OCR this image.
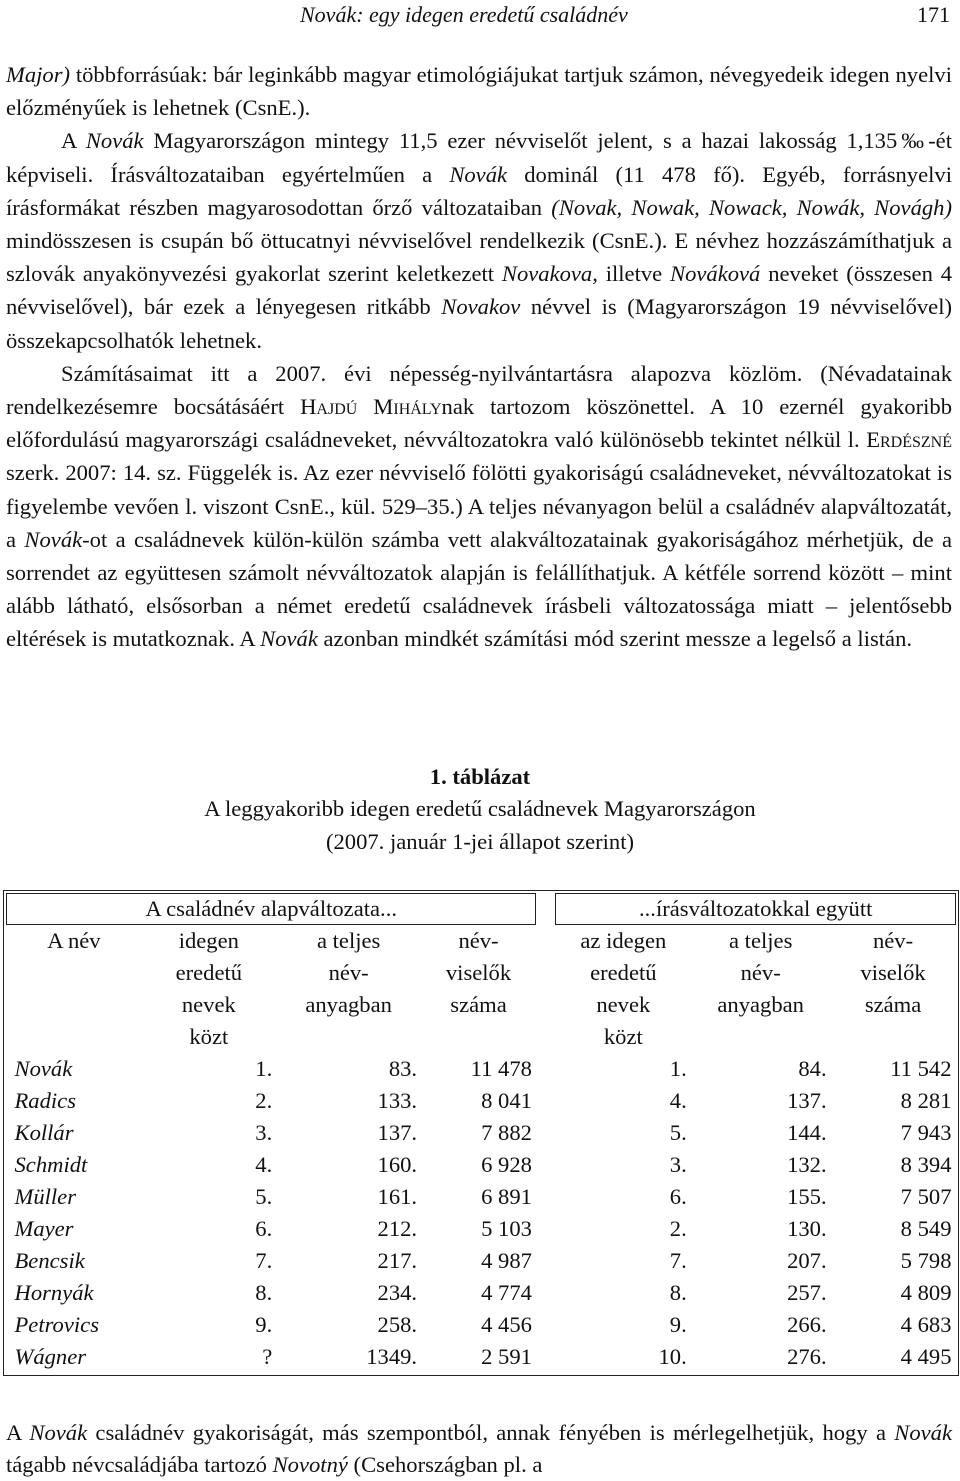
Novák: egy idegen eredetű családnév	171

Major) többforrásúak: bár leginkább magyar etimológiájukat tartjuk számon, névegyedeik idegen nyelvi előzményűek is lehetnek (CsnE.).

A Novák Magyarországon mintegy 11,5 ezer névviselőt jelent, s a hazai lakosság 1,135‰-ét képviseli. Írásváltozataiban egyértelműen a Novák dominál (11 478 fő). Egyéb, forrásnyelvi írásformákat részben magyarosodottan őrző változataiban (Novak, Nowak, Nowack, Nowák, Novágh) mindösszesen is csupán bő öttucatnyi névviselővel rendelkezik (CsnE.). E névhez hozzászámíthatjuk a szlovák anyakönyvezési gyakorlat szerint keletkezett Novakova, illetve Nováková neveket (összesen 4 névviselővel), bár ezek a lényegesen ritkább Novakov névvel is (Magyarországon 19 névviselővel) összekapcsolhatók lehetnek.

Számításaimat itt a 2007. évi népesség-nyilvántartásra alapozva közlöm. (Névadatainak rendelkezésemre bocsátásáért Hajdú Mihálynak tartozom köszönettel. A 10 ezernél gyakoribb előfordulású magyarországi családneveket, névváltozatokra való különösebb tekintet nélkül l. Erdészné szerk. 2007: 14. sz. Függelék is. Az ezer névviselő fölötti gyakoriságú családneveket, névváltozatokat is figyelembe vevően l. viszont CsnE., kül. 529–35.) A teljes névanyagon belül a családnév alapváltozatát, a Novák-ot a családnevek külön-külön számba vett alakváltozatainak gyakoriságához mérhetjük, de a sorrendet az együttesen számolt névváltozatok alapján is felállíthatjuk. A kétféle sorrend között – mint alább látható, elsősorban a német eredetű családnevek írásbeli változatossága miatt – jelentősebb eltérések is mutatkoznak. A Novák azonban mindkét számítási mód szerint messze a legelső a listán.

1. táblázat
A leggyakoribb idegen eredetű családnevek Magyarországon
(2007. január 1-jei állapot szerint)
A családnév alapváltozata...					...írásváltozatokkal együtt		
A név	idegen
eredetű
nevek
közt	a teljes
név-
anyagban	név-
viselők
száma		az idegen
eredetű
nevek
közt	a teljes
név-
anyagban	név-
viselők
száma
Novák	1.	83.	11 478		1.	84.	11 542
Radics	2.	133.	8 041		4.	137.	8 281
Kollár	3.	137.	7 882		5.	144.	7 943
Schmidt	4.	160.	6 928		3.	132.	8 394
Müller	5.	161.	6 891		6.	155.	7 507
Mayer	6.	212.	5 103		2.	130.	8 549
Bencsik	7.	217.	4 987		7.	207.	5 798
Hornyák	8.	234.	4 774		8.	257.	4 809
Petrovics	9.	258.	4 456		9.	266.	4 683
Wágner	?	1349.	2 591		10.	276.	4 495
A Novák családnév gyakoriságát, más szempontból, annak fényében is mérlegelhetjük, hogy a Novák tágabb névcsaládjába tartozó Novotný (Csehországban pl. a
